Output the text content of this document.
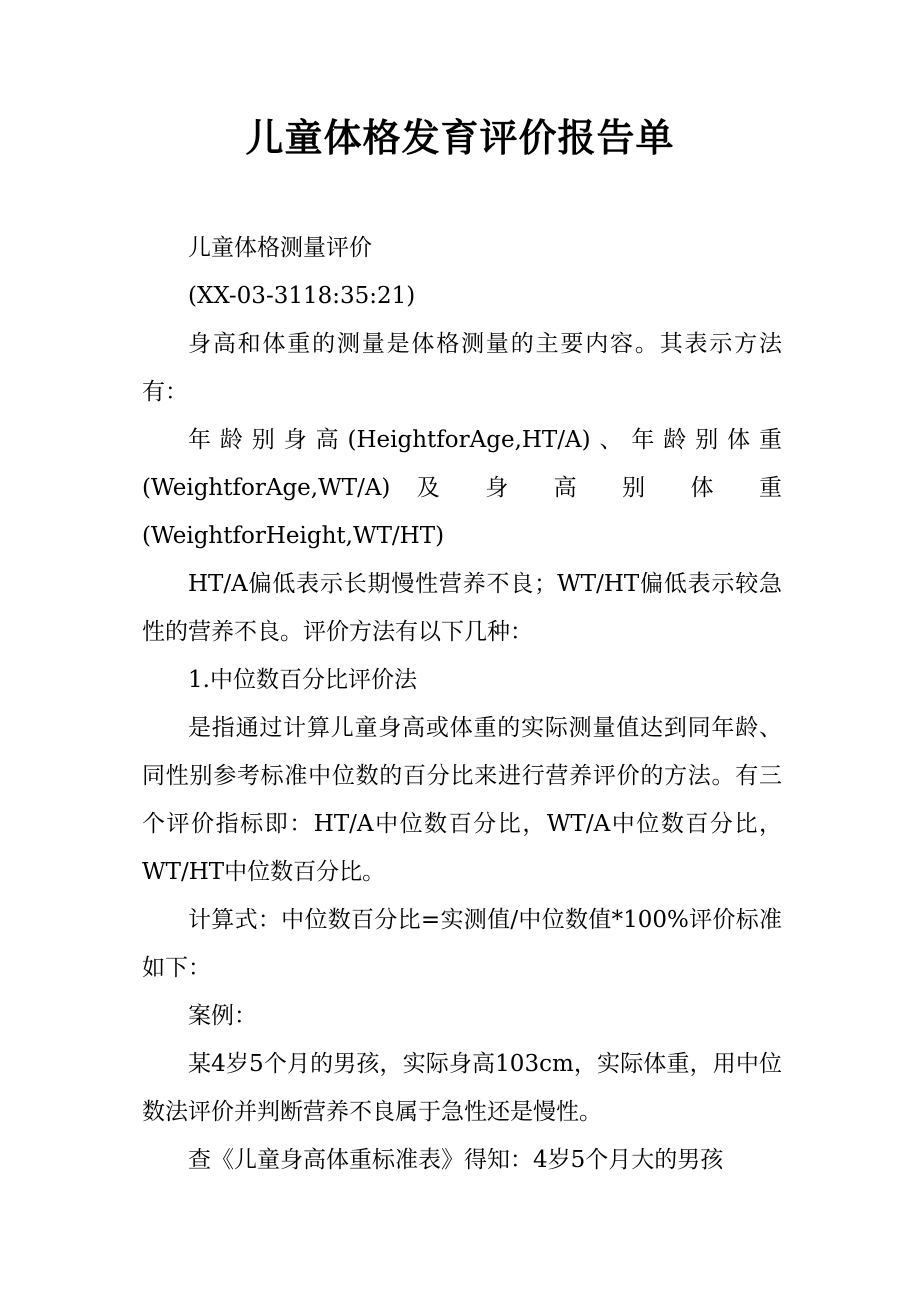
儿童体格发育评价报告单

儿童体格测量评价

(XX-03-3118:35:21)

身高和体重的测量是体格测量的主要内容。其表示方法有：

年龄别身高(HeightforAge,HT/A)、年龄别体重(WeightforAge,WT/A) 及 身 高 别 体 重(WeightforHeight,WT/HT)

HT/A偏低表示长期慢性营养不良；WT/HT偏低表示较急性的营养不良。评价方法有以下几种：

1.中位数百分比评价法

是指通过计算儿童身高或体重的实际测量值达到同年龄、同性别参考标准中位数的百分比来进行营养评价的方法。有三个评价指标即：HT/A中位数百分比，WT/A中位数百分比，WT/HT中位数百分比。

计算式：中位数百分比=实测值/中位数值*100%评价标准如下：

案例：

某4岁5个月的男孩，实际身高103cm，实际体重，用中位数法评价并判断营养不良属于急性还是慢性。

查《儿童身高体重标准表》得知：4岁5个月大的男孩
